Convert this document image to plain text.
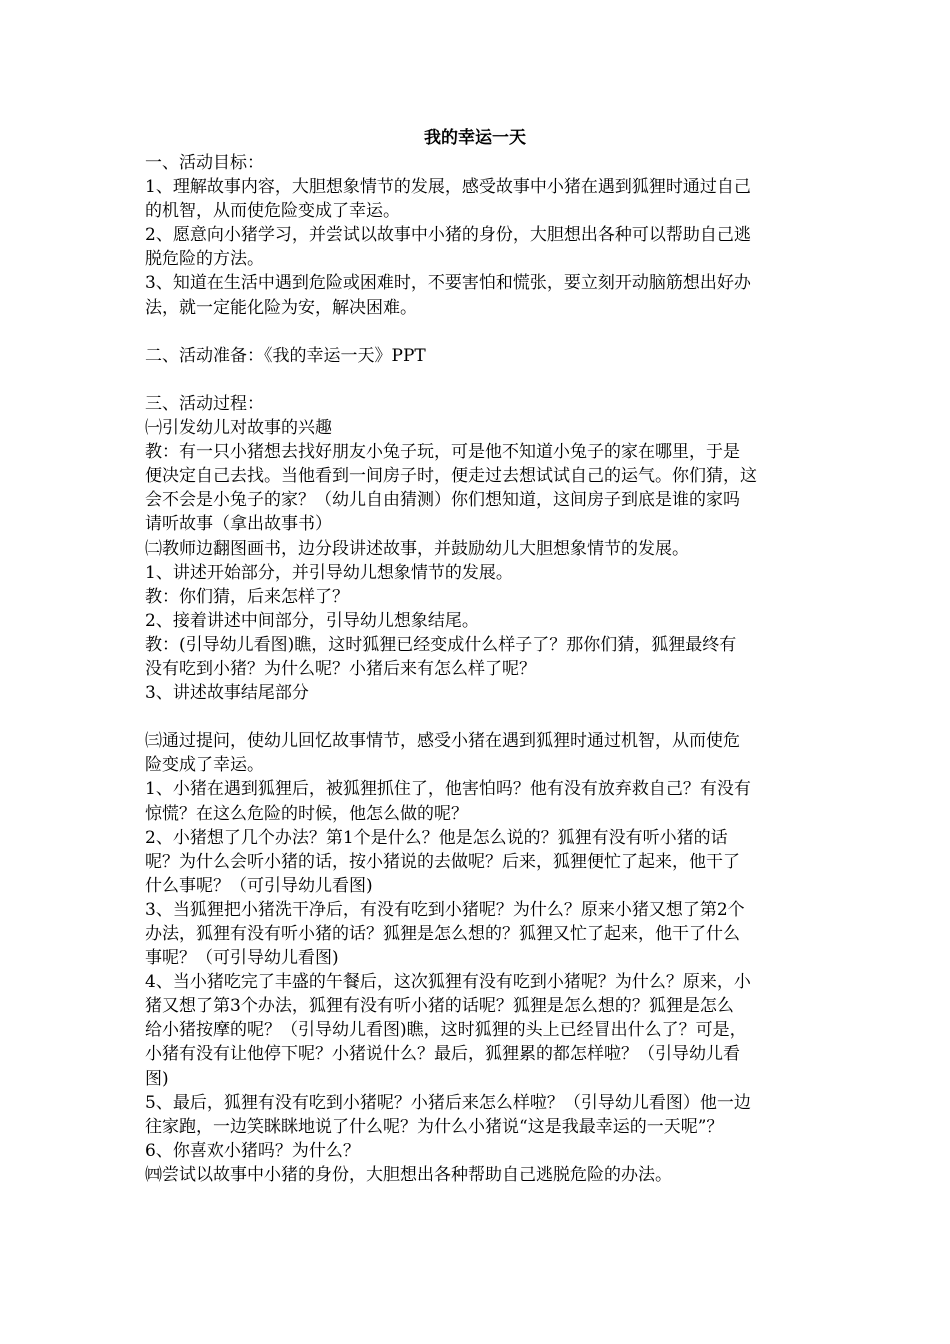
我的幸运一天
一、活动目标：
1、理解故事内容，大胆想象情节的发展，感受故事中小猪在遇到狐狸时通过自己
的机智，从而使危险变成了幸运。
2、愿意向小猪学习，并尝试以故事中小猪的身份，大胆想出各种可以帮助自己逃
脱危险的方法。
3、知道在生活中遇到危险或困难时，不要害怕和慌张，要立刻开动脑筋想出好办
法，就一定能化险为安，解决困难。
二、活动准备：《我的幸运一天》PPT
三、活动过程：
㈠引发幼儿对故事的兴趣
教：有一只小猪想去找好朋友小兔子玩，可是他不知道小兔子的家在哪里，于是
便决定自己去找。当他看到一间房子时，便走过去想试试自己的运气。你们猜，这
会不会是小兔子的家？（幼儿自由猜测）你们想知道，这间房子到底是谁的家吗
请听故事（拿出故事书）
㈡教师边翻图画书，边分段讲述故事，并鼓励幼儿大胆想象情节的发展。
1、讲述开始部分，并引导幼儿想象情节的发展。
教：你们猜，后来怎样了？
2、接着讲述中间部分，引导幼儿想象结尾。
教：(引导幼儿看图)瞧，这时狐狸已经变成什么样子了？那你们猜，狐狸最终有
没有吃到小猪？为什么呢？小猪后来有怎么样了呢？
3、讲述故事结尾部分
㈢通过提问，使幼儿回忆故事情节，感受小猪在遇到狐狸时通过机智，从而使危
险变成了幸运。
1、小猪在遇到狐狸后，被狐狸抓住了，他害怕吗？他有没有放弃救自己？有没有
惊慌？在这么危险的时候，他怎么做的呢？
2、小猪想了几个办法？第1个是什么？他是怎么说的？狐狸有没有听小猪的话
呢？为什么会听小猪的话，按小猪说的去做呢？后来，狐狸便忙了起来，他干了
什么事呢？（可引导幼儿看图)
3、当狐狸把小猪洗干净后，有没有吃到小猪呢？为什么？原来小猪又想了第2个
办法，狐狸有没有听小猪的话？狐狸是怎么想的？狐狸又忙了起来，他干了什么
事呢？（可引导幼儿看图)
4、当小猪吃完了丰盛的午餐后，这次狐狸有没有吃到小猪呢？为什么？原来，小
猪又想了第3个办法，狐狸有没有听小猪的话呢？狐狸是怎么想的？狐狸是怎么
给小猪按摩的呢？（引导幼儿看图)瞧，这时狐狸的头上已经冒出什么了？可是，
小猪有没有让他停下呢？小猪说什么？最后，狐狸累的都怎样啦？（引导幼儿看
图)
5、最后，狐狸有没有吃到小猪呢？小猪后来怎么样啦？（引导幼儿看图）他一边
往家跑，一边笑眯眯地说了什么呢？为什么小猪说“这是我最幸运的一天呢”？
6、你喜欢小猪吗？为什么？
㈣尝试以故事中小猪的身份，大胆想出各种帮助自己逃脱危险的办法。
